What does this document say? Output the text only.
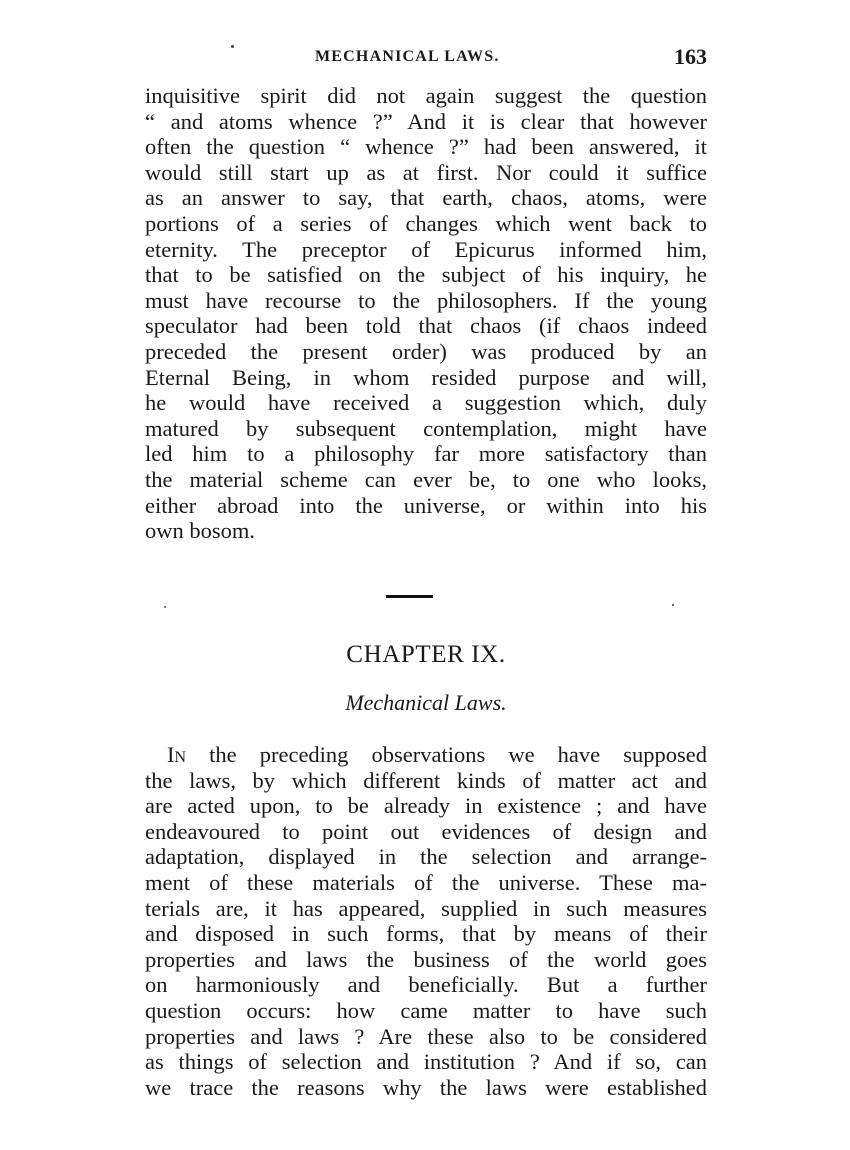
MECHANICAL LAWS.	163
inquisitive spirit did not again suggest the question
“ and atoms whence ?” And it is clear that however
often the question “ whence ?” had been answered, it
would still start up as at first. Nor could it suffice
as an answer to say, that earth, chaos, atoms, were
portions of a series of changes which went back to
eternity. The preceptor of Epicurus informed him,
that to be satisfied on the subject of his inquiry, he
must have recourse to the philosophers. If the young
speculator had been told that chaos (if chaos indeed
preceded the present order) was produced by an
Eternal Being, in whom resided purpose and will,
he would have received a suggestion which, duly
matured by subsequent contemplation, might have
led him to a philosophy far more satisfactory than
the material scheme can ever be, to one who looks,
either abroad into the universe, or within into his
own bosom.
CHAPTER IX.
Mechanical Laws.
In the preceding observations we have supposed
the laws, by which different kinds of matter act and
are acted upon, to be already in existence ; and have
endeavoured to point out evidences of design and
adaptation, displayed in the selection and arrange-
ment of these materials of the universe. These ma-
terials are, it has appeared, supplied in such measures
and disposed in such forms, that by means of their
properties and laws the business of the world goes
on harmoniously and beneficially. But a further
question occurs: how came matter to have such
properties and laws ? Are these also to be considered
as things of selection and institution ? And if so, can
we trace the reasons why the laws were established
